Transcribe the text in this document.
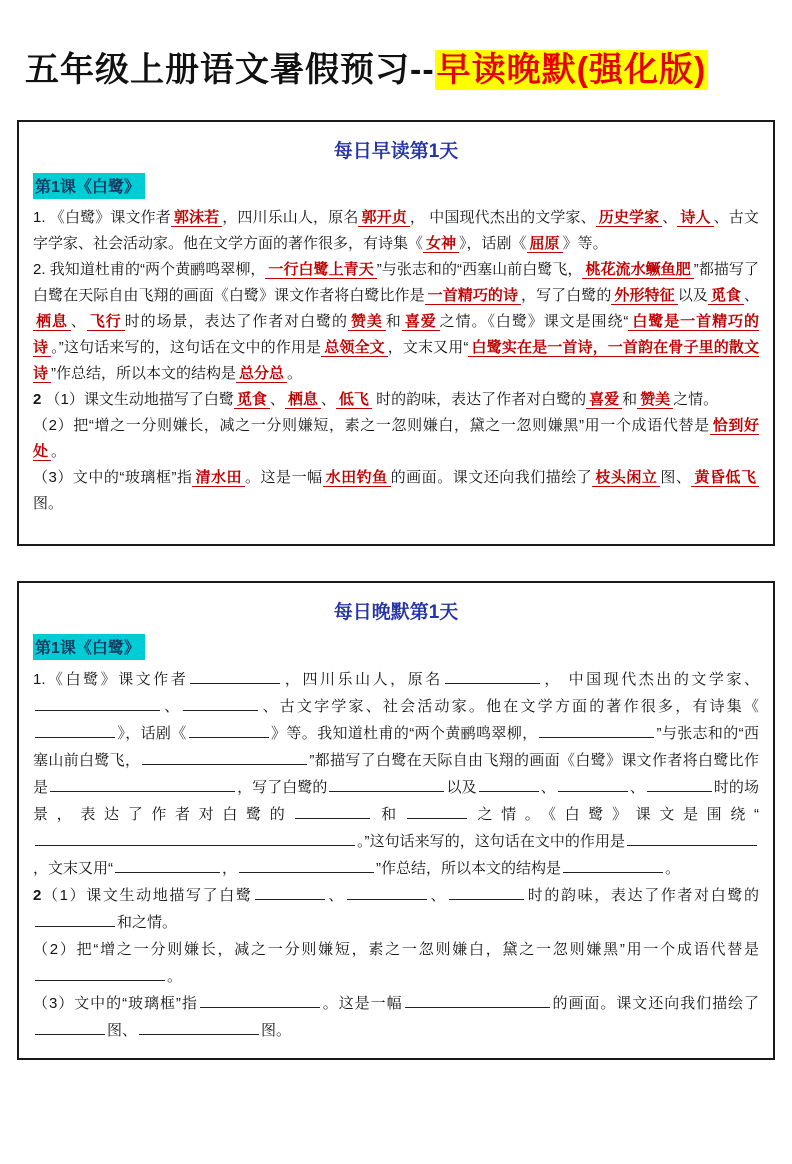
五年级上册语文暑假预习--早读晚默(强化版)
每日早读第1天
第1课《白鹭》

1. 《白鹭》课文作者 郭沫若 ，四川乐山人，原名 郭开贞 ， 中国现代杰出的文学家、 历史学家 、 诗人 、古文字学家、社会活动家。他在文学方面的著作很多，有诗集《 女神 》，话剧《 屈原 》等。

2. 我知道杜甫的“两个黄鹂鸣翠柳， 一行白鹭上青天 ”与张志和的“西塞山前白鹭飞， 桃花流水鳜鱼肥 ”都描写了白鹭在天际自由飞翔的画面《白鹭》课文作者将白鹭比作是 一首精巧的诗 ，写了白鹭的 外形特征 以及 觅食 、栖息 、 飞行 时的场景，表达了作者对白鹭的 赞美 和 喜爱 之情。《白鹭》课文是围绕“ 白鹭是一首精巧的诗 。”这句话来写的，这句话在文中的作用是 总领全文 ，文末又用“ 白鹭实在是一首诗，一首韵在骨子里的散文诗 ”作总结，所以本文的结构是 总分总 。

2 （1）课文生动地描写了白鹭 觅食 、 栖息 、 低飞 时的韵味，表达了作者对白鹭的 喜爱 和 赞美 之情。

（2）把“增之一分则嫌长，减之一分则嫌短，素之一忽则嫌白，黛之一忽则嫌黑”用一个成语代替是 恰到好处 。

（3）文中的“玻璃框”指 清水田 。这是一幅 水田钓鱼 的画面。课文还向我们描绘了 枝头闲立 图、 黄昏低飞图。

每日晚默第1天
第1课《白鹭》

1.《白鹭》课文作者	，四川乐山人，原名	， 中国现代杰出的文学家、、	、古文字学家、社会活动家。他在文学方面的著作很多，有诗集《》，话剧《	》等。我知道杜甫的“两个黄鹂鸣翠柳，	”与张志和的“西塞山前白鹭飞，	”都描写了白鹭在天际自由飞翔的画面《白鹭》课文作者将白鹭比作是	，写了白鹭的	以及	、	、	时的场景，表达了作者对白鹭的	和	之情。《白鹭》课文是围绕“。”这句话来写的，这句话在文中的作用是，文末又用“	，	”作总结，所以本文的结构是	。

2（1）课文生动地描写了白鹭	、	、	时的韵味，表达了作者对白鹭的和之情。

（2）把“增之一分则嫌长，减之一分则嫌短，素之一忽则嫌白，黛之一忽则嫌黑”用一个成语代替是。

（3）文中的“玻璃框”指	。这是一幅	的画面。课文还向我们描绘了图、	图。
